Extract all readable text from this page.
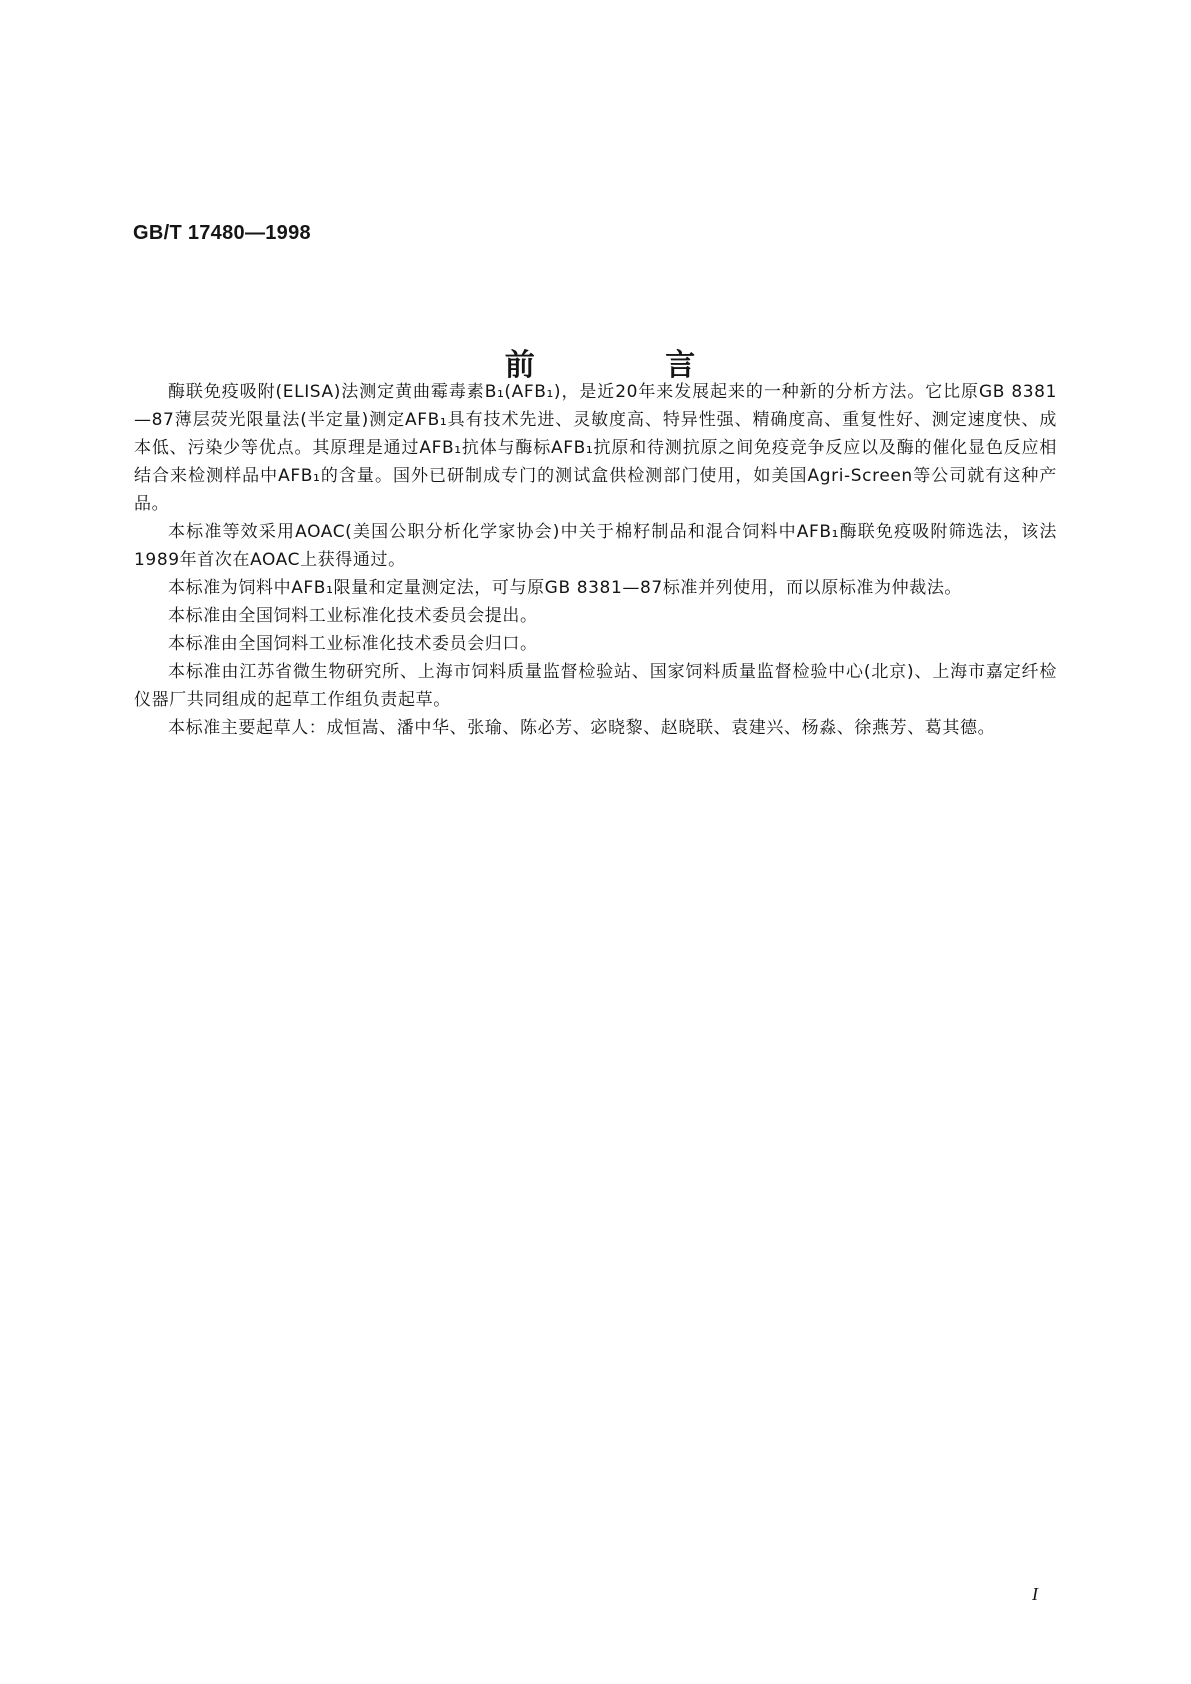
GB/T 17480—1998
前 言

酶联免疫吸附(ELISA)法测定黄曲霉毒素B₁(AFB₁)，是近20年来发展起来的一种新的分析方法。它比原GB 8381—87薄层荧光限量法(半定量)测定AFB₁具有技术先进、灵敏度高、特异性强、精确度高、重复性好、测定速度快、成本低、污染少等优点。其原理是通过AFB₁抗体与酶标AFB₁抗原和待测抗原之间免疫竞争反应以及酶的催化显色反应相结合来检测样品中AFB₁的含量。国外已研制成专门的测试盒供检测部门使用，如美国Agri-Screen等公司就有这种产品。

本标准等效采用AOAC(美国公职分析化学家协会)中关于棉籽制品和混合饲料中AFB₁酶联免疫吸附筛选法，该法1989年首次在AOAC上获得通过。

本标准为饲料中AFB₁限量和定量测定法，可与原GB 8381—87标准并列使用，而以原标准为仲裁法。

本标准由全国饲料工业标准化技术委员会提出。

本标准由全国饲料工业标准化技术委员会归口。

本标准由江苏省微生物研究所、上海市饲料质量监督检验站、国家饲料质量监督检验中心(北京)、上海市嘉定纤检仪器厂共同组成的起草工作组负责起草。

本标准主要起草人：成恒嵩、潘中华、张瑜、陈必芳、宓晓黎、赵晓联、袁建兴、杨淼、徐燕芳、葛其德。

I
